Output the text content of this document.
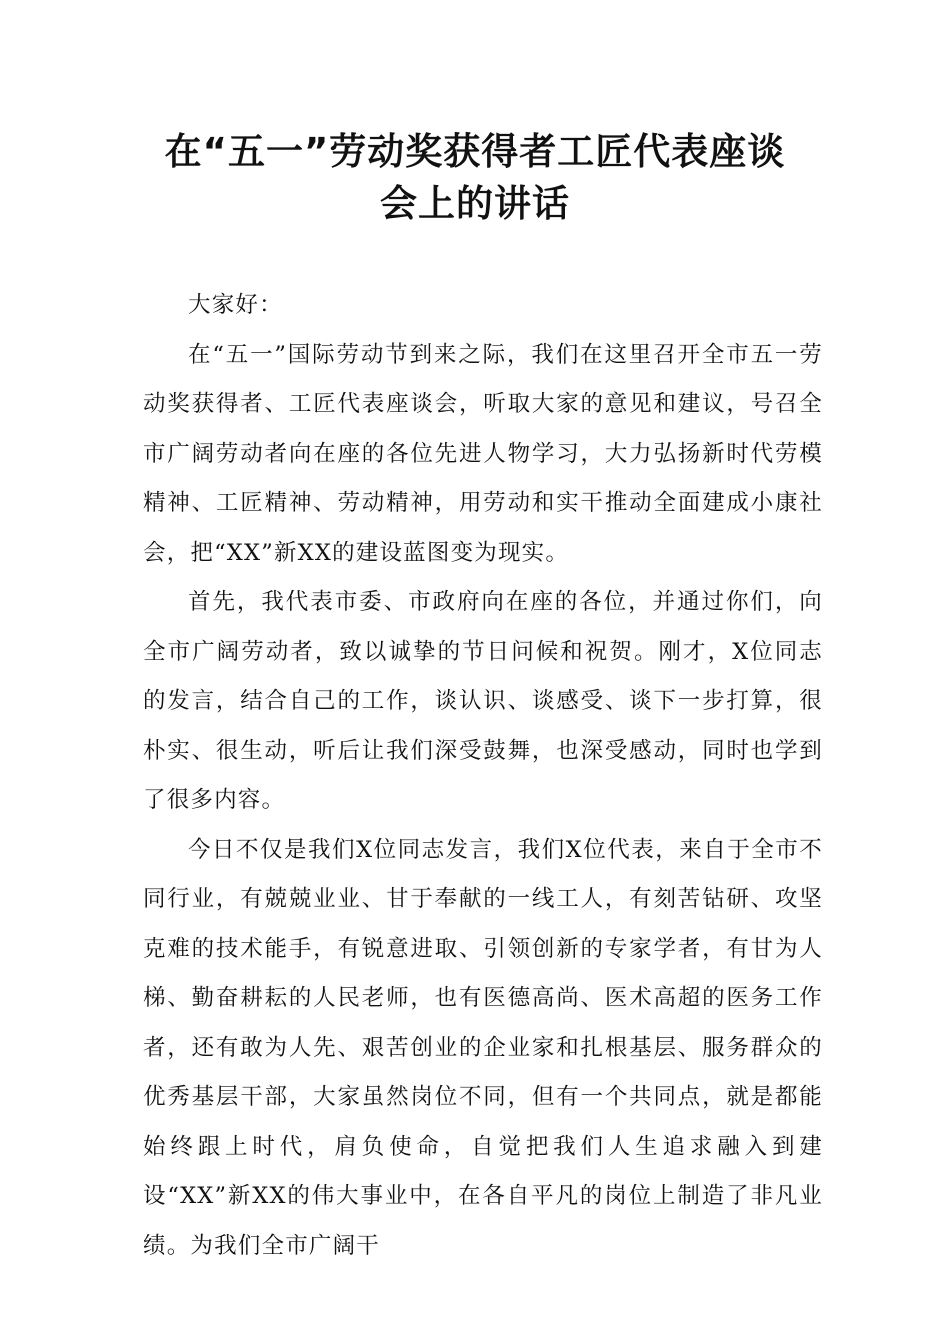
在“五一”劳动奖获得者工匠代表座谈
会上的讲话

大家好：

在“五一”国际劳动节到来之际，我们在这里召开全市五一劳动奖获得者、工匠代表座谈会，听取大家的意见和建议，号召全市广阔劳动者向在座的各位先进人物学习，大力弘扬新时代劳模精神、工匠精神、劳动精神，用劳动和实干推动全面建成小康社会，把“XX”新XX的建设蓝图变为现实。

首先，我代表市委、市政府向在座的各位，并通过你们，向全市广阔劳动者，致以诚挚的节日问候和祝贺。刚才，X位同志的发言，结合自己的工作，谈认识、谈感受、谈下一步打算，很朴实、很生动，听后让我们深受鼓舞，也深受感动，同时也学到了很多内容。

今日不仅是我们X位同志发言，我们X位代表，来自于全市不同行业，有兢兢业业、甘于奉献的一线工人，有刻苦钻研、攻坚克难的技术能手，有锐意进取、引领创新的专家学者，有甘为人梯、勤奋耕耘的人民老师，也有医德高尚、医术高超的医务工作者，还有敢为人先、艰苦创业的企业家和扎根基层、服务群众的优秀基层干部，大家虽然岗位不同，但有一个共同点，就是都能始终跟上时代，肩负使命，自觉把我们人生追求融入到建设“XX”新XX的伟大事业中，在各自平凡的岗位上制造了非凡业绩。为我们全市广阔干
